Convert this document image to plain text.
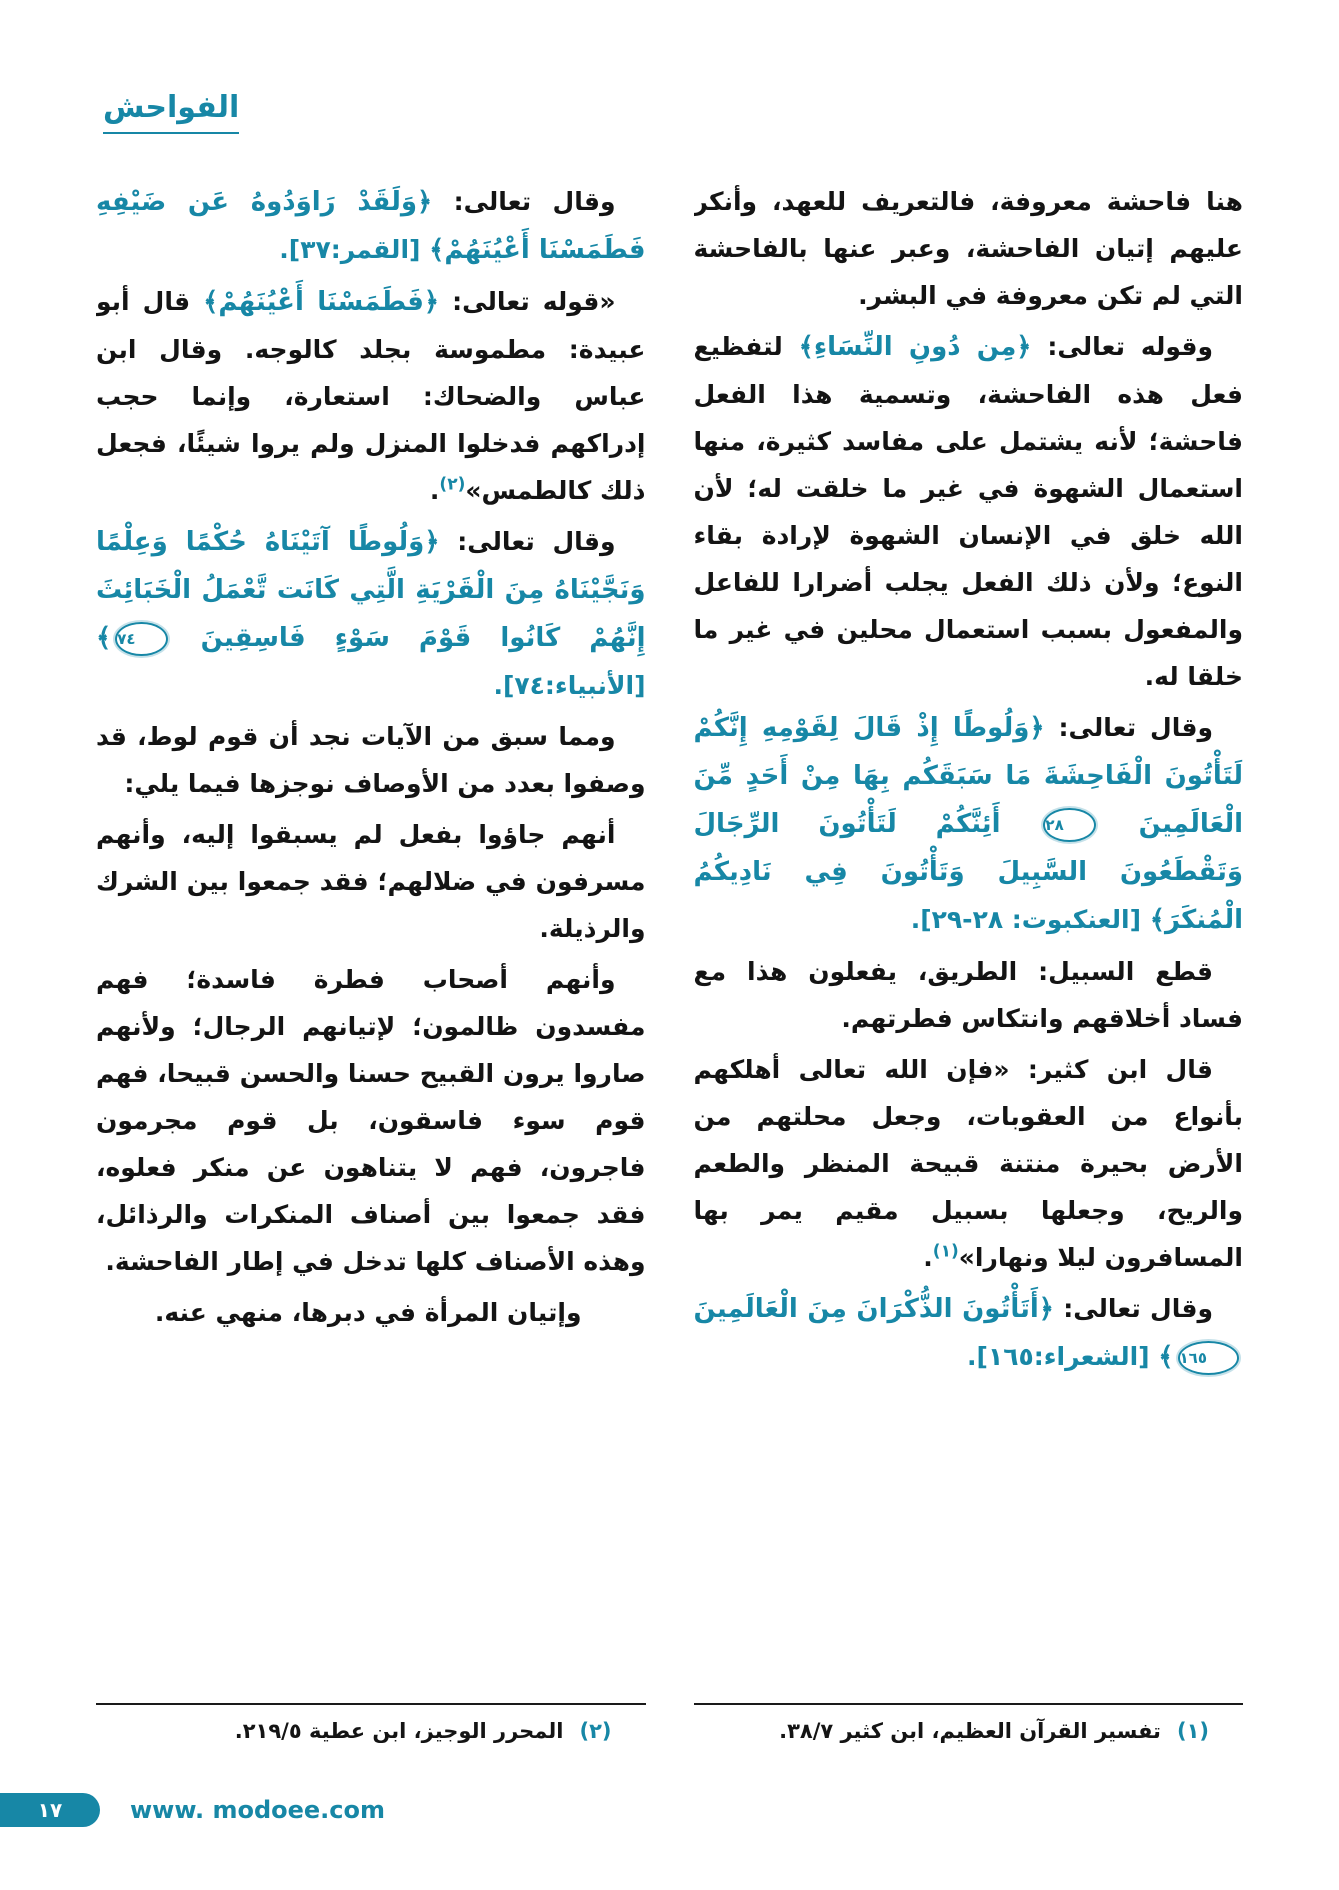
الفواحش

هنا فاحشة معروفة، فالتعريف للعهد، وأنكر عليهم إتيان الفاحشة، وعبر عنها بالفاحشة التي لم تكن معروفة في البشر.

وقوله تعالى: ﴿مِن دُونِ النِّسَاءِ﴾ لتفظيع فعل هذه الفاحشة، وتسمية هذا الفعل فاحشة؛ لأنه يشتمل على مفاسد كثيرة، منها استعمال الشهوة في غير ما خلقت له؛ لأن الله خلق في الإنسان الشهوة لإرادة بقاء النوع؛ ولأن ذلك الفعل يجلب أضرارا للفاعل والمفعول بسبب استعمال محلين في غير ما خلقا له.

وقال تعالى: ﴿وَلُوطًا إِذْ قَالَ لِقَوْمِهِ إِنَّكُمْ لَتَأْتُونَ الْفَاحِشَةَ مَا سَبَقَكُم بِهَا مِنْ أَحَدٍ مِّنَ الْعَالَمِينَ ٢٨ أَئِنَّكُمْ لَتَأْتُونَ الرِّجَالَ وَتَقْطَعُونَ السَّبِيلَ وَتَأْتُونَ فِي نَادِيكُمُ الْمُنكَرَ﴾ [العنكبوت: ٢٨-٢٩].

قطع السبيل: الطريق، يفعلون هذا مع فساد أخلاقهم وانتكاس فطرتهم.

قال ابن كثير: «فإن الله تعالى أهلكهم بأنواع من العقوبات، وجعل محلتهم من الأرض بحيرة منتنة قبيحة المنظر والطعم والريح، وجعلها بسبيل مقيم يمر بها المسافرون ليلا ونهارا»$^{(١)}$.

وقال تعالى: ﴿أَتَأْتُونَ الذُّكْرَانَ مِنَ الْعَالَمِينَ ١٦٥﴾ [الشعراء:١٦٥].

(١)
تفسير القرآن العظيم، ابن كثير ٣٨/٧.

وقال تعالى: ﴿وَلَقَدْ رَاوَدُوهُ عَن ضَيْفِهِ فَطَمَسْنَا أَعْيُنَهُمْ﴾ [القمر:٣٧].

«قوله تعالى: ﴿فَطَمَسْنَا أَعْيُنَهُمْ﴾ قال أبو عبيدة: مطموسة بجلد كالوجه. وقال ابن عباس والضحاك: استعارة، وإنما حجب إدراكهم فدخلوا المنزل ولم يروا شيئًا، فجعل ذلك كالطمس»$^{(٢)}$.

وقال تعالى: ﴿وَلُوطًا آتَيْنَاهُ حُكْمًا وَعِلْمًا وَنَجَّيْنَاهُ مِنَ الْقَرْيَةِ الَّتِي كَانَت تَّعْمَلُ الْخَبَائِثَ إِنَّهُمْ كَانُوا قَوْمَ سَوْءٍ فَاسِقِينَ ٧٤﴾ [الأنبياء:٧٤].

ومما سبق من الآيات نجد أن قوم لوط، قد وصفوا بعدد من الأوصاف نوجزها فيما يلي:

أنهم جاؤوا بفعل لم يسبقوا إليه، وأنهم مسرفون في ضلالهم؛ فقد جمعوا بين الشرك والرذيلة.

وأنهم أصحاب فطرة فاسدة؛ فهم مفسدون ظالمون؛ لإتيانهم الرجال؛ ولأنهم صاروا يرون القبيح حسنا والحسن قبيحا، فهم قوم سوء فاسقون، بل قوم مجرمون فاجرون، فهم لا يتناهون عن منكر فعلوه، فقد جمعوا بين أصناف المنكرات والرذائل، وهذه الأصناف كلها تدخل في إطار الفاحشة.

وإتيان المرأة في دبرها، منهي عنه.

(٢)
المحرر الوجيز، ابن عطية ٢١٩/٥.
١٧	www. modoee.com
